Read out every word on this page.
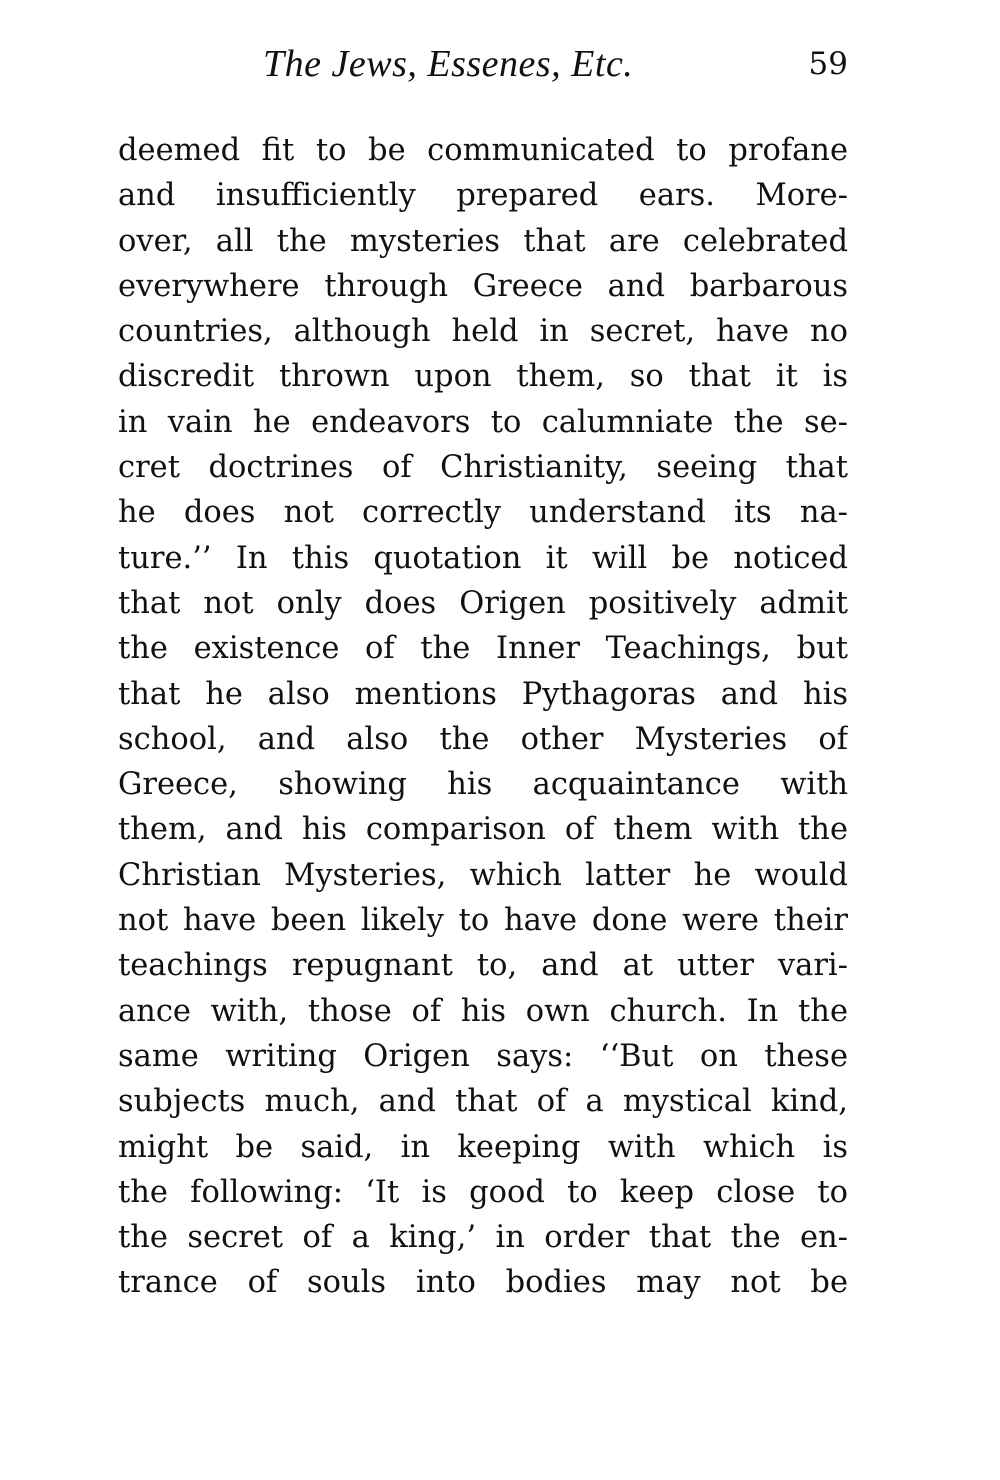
The Jews, Essenes, Etc.	59
deemed fit to be communicated to profane
and insufficiently prepared ears. More-
over, all the mysteries that are celebrated
everywhere through Greece and barbarous
countries, although held in secret, have no
discredit thrown upon them, so that it is
in vain he endeavors to calumniate the se-
cret doctrines of Christianity, seeing that
he does not correctly understand its na-
ture.’’ In this quotation it will be noticed
that not only does Origen positively admit
the existence of the Inner Teachings, but
that he also mentions Pythagoras and his
school, and also the other Mysteries of
Greece, showing his acquaintance with
them, and his comparison of them with the
Christian Mysteries, which latter he would
not have been likely to have done were their
teachings repugnant to, and at utter vari-
ance with, those of his own church. In the
same writing Origen says: ‘‘But on these
subjects much, and that of a mystical kind,
might be said, in keeping with which is
the following: ‘It is good to keep close to
the secret of a king,’ in order that the en-
trance of souls into bodies may not be
